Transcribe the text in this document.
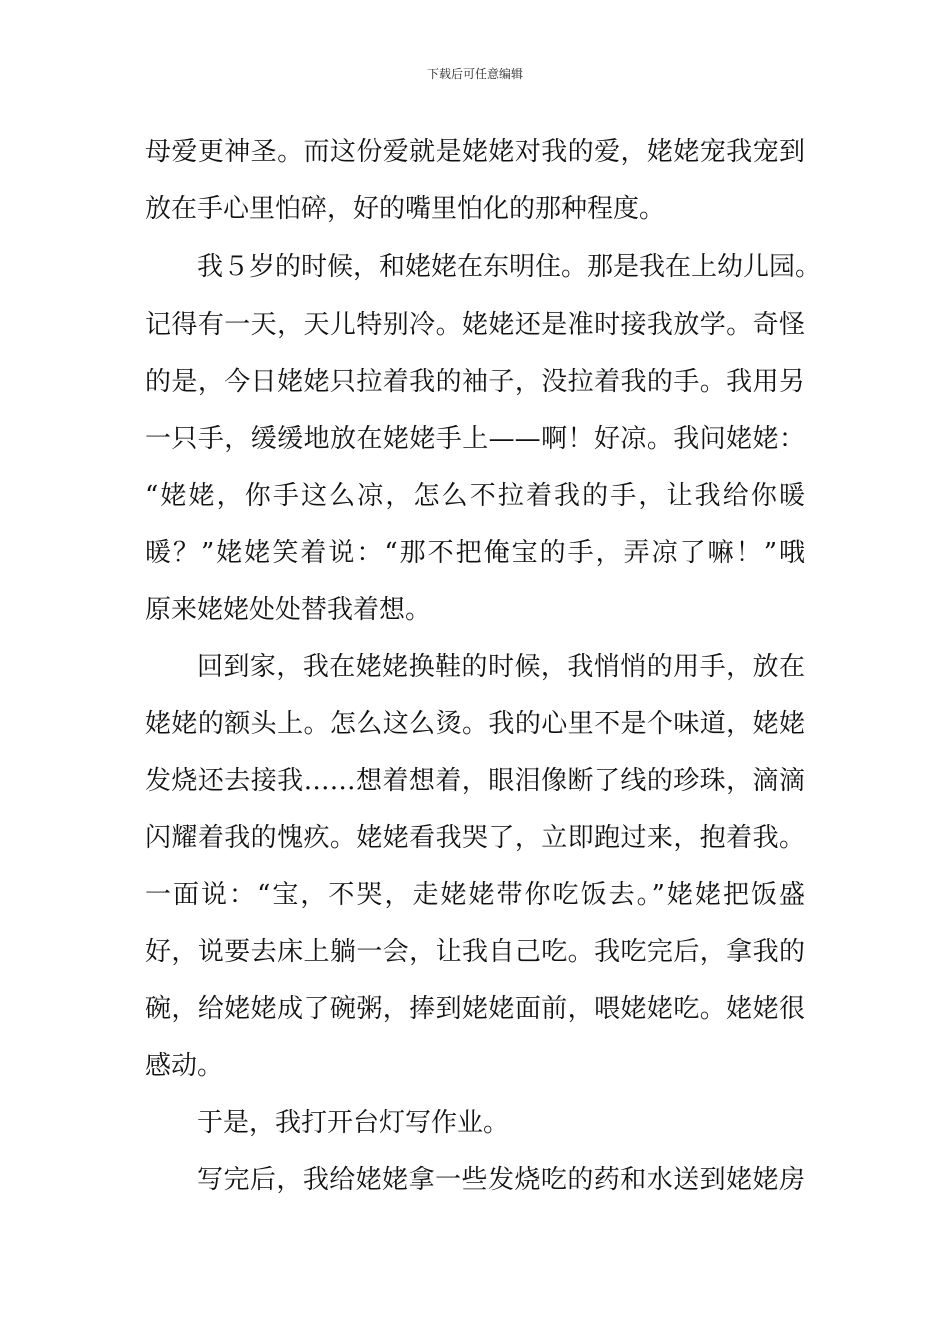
下载后可任意编辑
母爱更神圣。而这份爱就是姥姥对我的爱，姥姥宠我宠到
放在手心里怕碎，好的嘴里怕化的那种程度。
我５岁的时候，和姥姥在东明住。那是我在上幼儿园。
记得有一天，天儿特别冷。姥姥还是准时接我放学。奇怪
的是，今日姥姥只拉着我的袖子，没拉着我的手。我用另
一只手，缓缓地放在姥姥手上——啊！好凉。我问姥姥：
“姥姥，你手这么凉，怎么不拉着我的手，让我给你暖
暖？”姥姥笑着说：“那不把俺宝的手，弄凉了嘛！”哦
原来姥姥处处替我着想。
回到家，我在姥姥换鞋的时候，我悄悄的用手，放在
姥姥的额头上。怎么这么烫。我的心里不是个味道，姥姥
发烧还去接我……想着想着，眼泪像断了线的珍珠，滴滴
闪耀着我的愧疚。姥姥看我哭了，立即跑过来，抱着我。
一面说：“宝，不哭，走姥姥带你吃饭去。”姥姥把饭盛
好，说要去床上躺一会，让我自己吃。我吃完后，拿我的
碗，给姥姥成了碗粥，捧到姥姥面前，喂姥姥吃。姥姥很
感动。
于是，我打开台灯写作业。
写完后，我给姥姥拿一些发烧吃的药和水送到姥姥房
